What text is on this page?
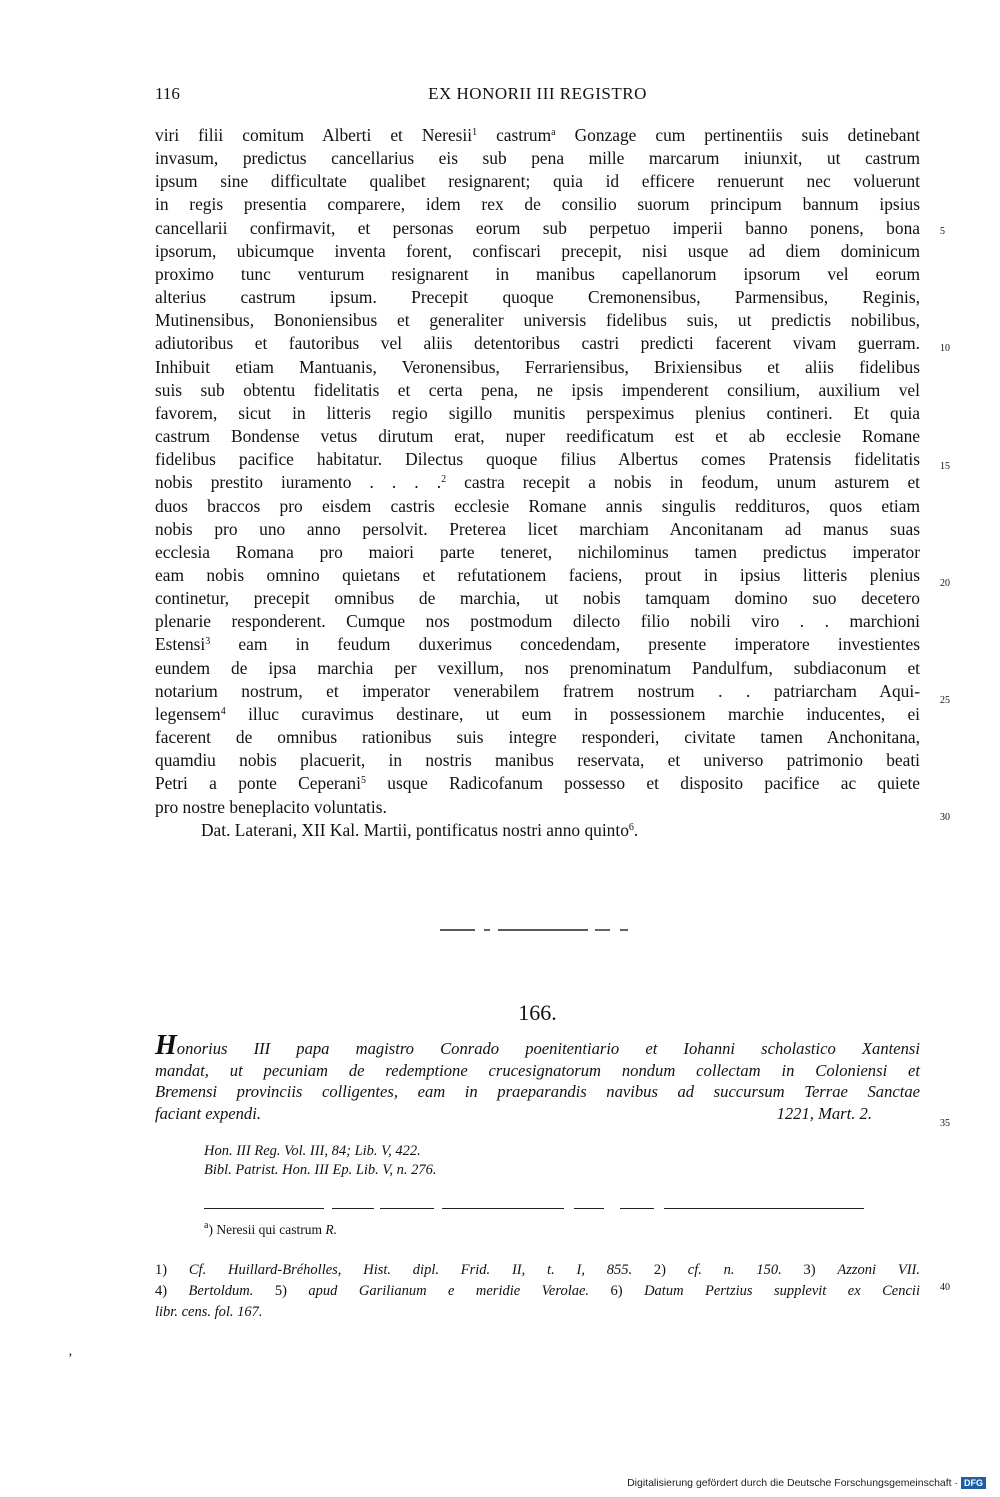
116	EX HONORII III REGISTRO
viri filii comitum Alberti et Neresii$^1$ castrum$^a$ Gonzage cum pertinentiis suis detinebant
invasum, predictus cancellarius eis sub pena mille marcarum iniunxit, ut castrum
ipsum sine difficultate qualibet resignarent; quia id efficere renuerunt nec voluerunt
in regis presentia comparere, idem rex de consilio suorum principum bannum ipsius
cancellarii confirmavit, et personas eorum sub perpetuo imperii banno ponens, bona
ipsorum, ubicumque inventa forent, confiscari precepit, nisi usque ad diem dominicum
proximo tunc venturum resignarent in manibus capellanorum ipsorum vel eorum
alterius castrum ipsum. Precepit quoque Cremonensibus, Parmensibus, Reginis,
Mutinensibus, Bononiensibus et generaliter universis fidelibus suis, ut predictis nobilibus,
adiutoribus et fautoribus vel aliis detentoribus castri predicti facerent vivam guerram.
Inhibuit etiam Mantuanis, Veronensibus, Ferrariensibus, Brixiensibus et aliis fidelibus
suis sub obtentu fidelitatis et certa pena, ne ipsis impenderent consilium, auxilium vel
favorem, sicut in litteris regio sigillo munitis perspeximus plenius contineri. Et quia
castrum Bondense vetus dirutum erat, nuper reedificatum est et ab ecclesie Romane
fidelibus pacifice habitatur. Dilectus quoque filius Albertus comes Pratensis fidelitatis
nobis prestito iuramento . . . .$^2$ castra recepit a nobis in feodum, unum asturem et
duos braccos pro eisdem castris ecclesie Romane annis singulis reddituros, quos etiam
nobis pro uno anno persolvit. Preterea licet marchiam Anconitanam ad manus suas
ecclesia Romana pro maiori parte teneret, nichilominus tamen predictus imperator
eam nobis omnino quietans et refutationem faciens, prout in ipsius litteris plenius
continetur, precepit omnibus de marchia, ut nobis tamquam domino suo decetero
plenarie responderent. Cumque nos postmodum dilecto filio nobili viro . . marchioni
Estensi$^3$ eam in feudum duxerimus concedendam, presente imperatore investientes
eundem de ipsa marchia per vexillum, nos prenominatum Pandulfum, subdiaconum et
notarium nostrum, et imperator venerabilem fratrem nostrum . . patriarcham Aqui-
legensem$^4$ illuc curavimus destinare, ut eum in possessionem marchie inducentes, ei
facerent de omnibus rationibus suis integre responderi, civitate tamen Anchonitana,
quamdiu nobis placuerit, in nostris manibus reservata, et universo patrimonio beati
Petri a ponte Ceperani$^5$ usque Radicofanum possesso et disposito pacifice ac quiete
pro nostre beneplacito voluntatis.
Dat. Laterani, XII Kal. Martii, pontificatus nostri anno quinto$^6$.
5
10
15
20
25
30
35
40
166.
Honorius III papa magistro Conrado poenitentiario et Iohanni scholastico Xantensi
mandat, ut pecuniam de redemptione crucesignatorum nondum collectam in Coloniensi et
Bremensi provinciis colligentes, eam in praeparandis navibus ad succursum Terrae Sanctae
faciant expendi.	1221, Mart. 2.
Hon. III Reg. Vol. III, 84; Lib. V, 422.
Bibl. Patrist. Hon. III Ep. Lib. V, n. 276.
$^a$) Neresii qui castrum R.
1) Cf. Huillard-Bréholles, Hist. dipl. Frid. II, t. I, 855. 2) cf. n. 150. 3) Azzoni VII.
4) Bertoldum. 5) apud Garilianum e meridie Verolae. 6) Datum Pertzius supplevit ex Cencii
libr. cens. fol. 167.
‚
Digitalisierung gefördert durch die Deutsche Forschungsgemeinschaft · DFG
